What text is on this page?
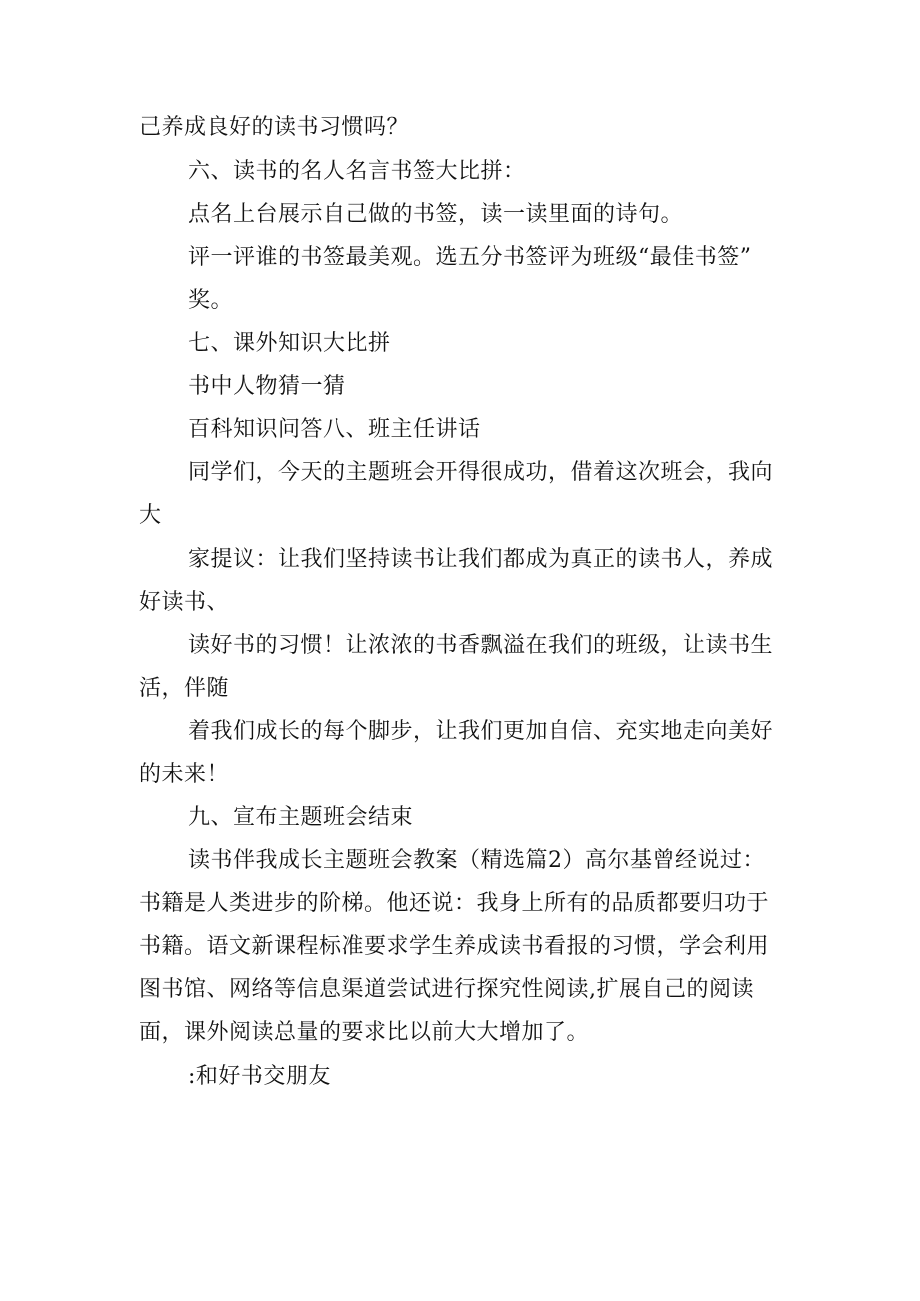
己养成良好的读书习惯吗？
六、读书的名人名言书签大比拼：
点名上台展示自己做的书签，读一读里面的诗句。
评一评谁的书签最美观。选五分书签评为班级“最佳书签”
奖。
七、课外知识大比拼
书中人物猜一猜
百科知识问答八、班主任讲话
同学们，今天的主题班会开得很成功，借着这次班会，我向
大
家提议：让我们坚持读书让我们都成为真正的读书人，养成
好读书、
读好书的习惯！让浓浓的书香飘溢在我们的班级，让读书生
活，伴随
着我们成长的每个脚步，让我们更加自信、充实地走向美好
的未来！
九、宣布主题班会结束
读书伴我成长主题班会教案（精选篇2）高尔基曾经说过：
书籍是人类进步的阶梯。他还说：我身上所有的品质都要归功于
书籍。语文新课程标准要求学生养成读书看报的习惯，学会利用
图书馆、网络等信息渠道尝试进行探究性阅读,扩展自己的阅读
面，课外阅读总量的要求比以前大大增加了。
:和好书交朋友
